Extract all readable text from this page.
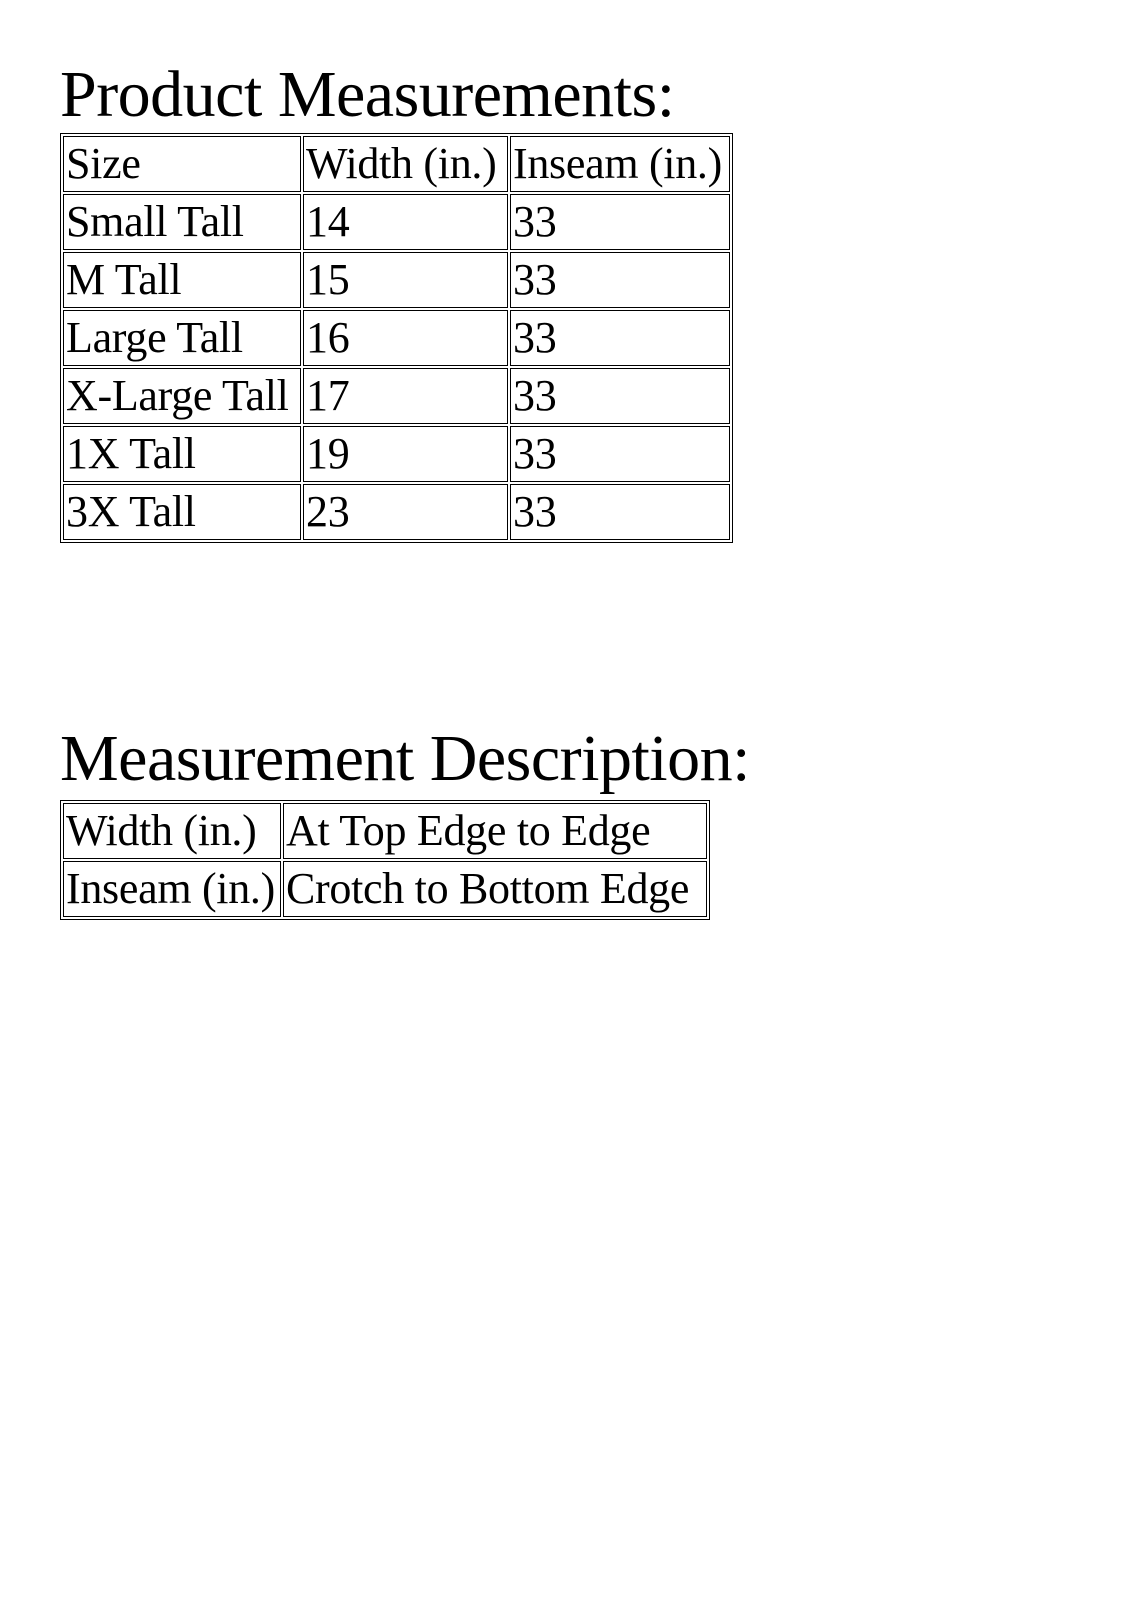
Product Measurements:
Size	Width (in.)	Inseam (in.)
Small Tall	14	33
M Tall	15	33
Large Tall	16	33
X-Large Tall	17	33
1X Tall	19	33
3X Tall	23	33
Measurement Description:
Width (in.)	At Top Edge to Edge
Inseam (in.)	Crotch to Bottom Edge
